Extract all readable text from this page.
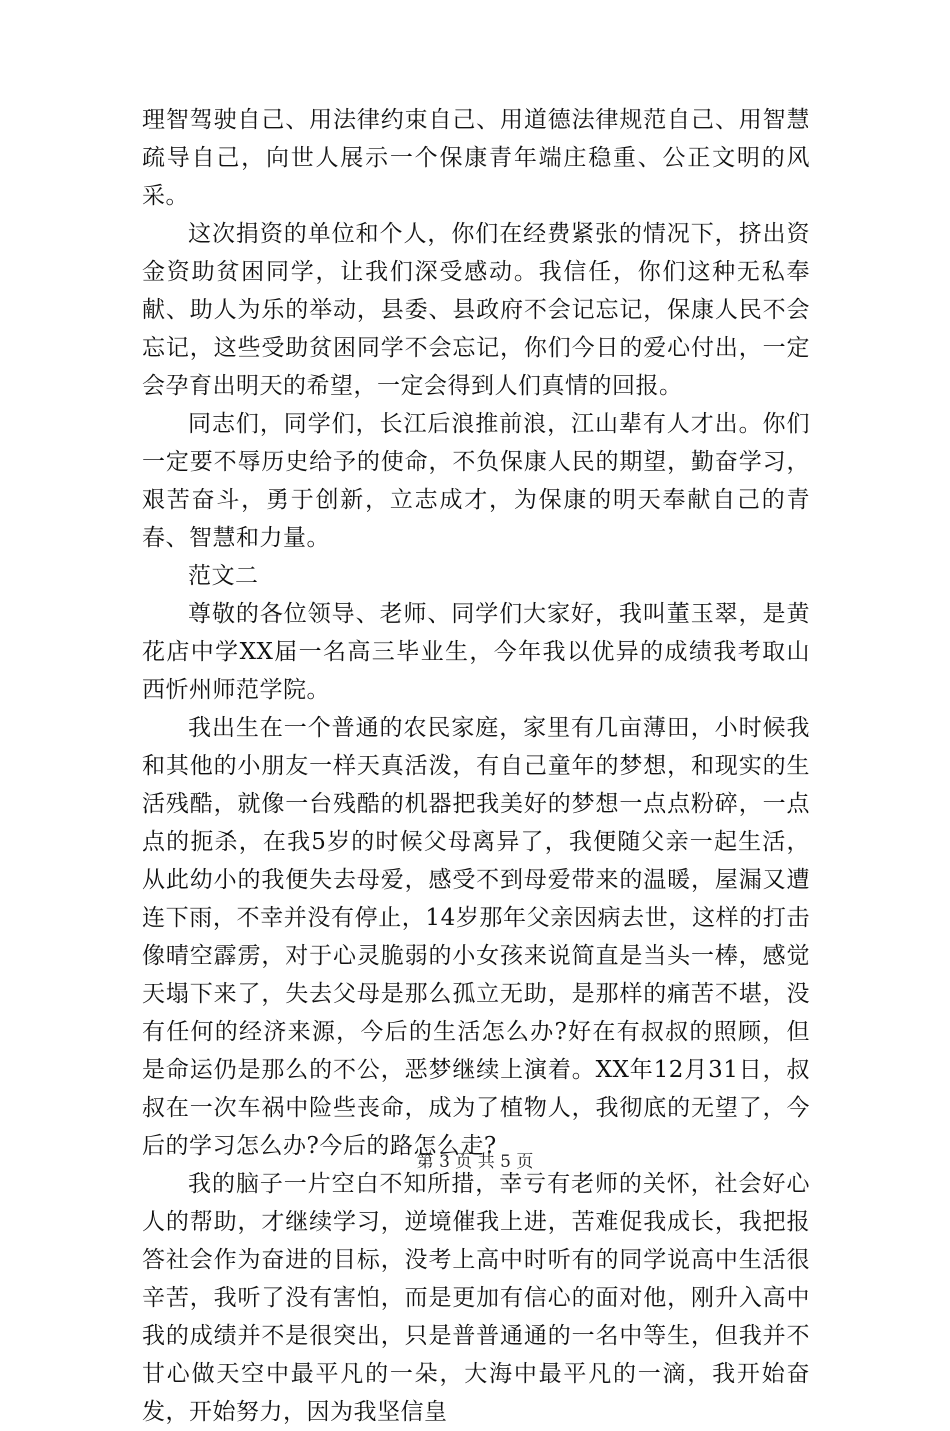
理智驾驶自己、用法律约束自己、用道德法律规范自己、用智慧疏导自己，向世人展示一个保康青年端庄稳重、公正文明的风采。

这次捐资的单位和个人，你们在经费紧张的情况下，挤出资金资助贫困同学，让我们深受感动。我信任，你们这种无私奉献、助人为乐的举动，县委、县政府不会记忘记，保康人民不会忘记，这些受助贫困同学不会忘记，你们今日的爱心付出，一定会孕育出明天的希望，一定会得到人们真情的回报。

同志们，同学们，长江后浪推前浪，江山辈有人才出。你们一定要不辱历史给予的使命，不负保康人民的期望，勤奋学习，艰苦奋斗，勇于创新，立志成才，为保康的明天奉献自己的青春、智慧和力量。

范文二

尊敬的各位领导、老师、同学们大家好，我叫董玉翠，是黄花店中学XX届一名高三毕业生，今年我以优异的成绩我考取山西忻州师范学院。

我出生在一个普通的农民家庭，家里有几亩薄田，小时候我和其他的小朋友一样天真活泼，有自己童年的梦想，和现实的生活残酷，就像一台残酷的机器把我美好的梦想一点点粉碎，一点点的扼杀，在我5岁的时候父母离异了，我便随父亲一起生活，从此幼小的我便失去母爱，感受不到母爱带来的温暖，屋漏又遭连下雨，不幸并没有停止，14岁那年父亲因病去世，这样的打击像晴空霹雳，对于心灵脆弱的小女孩来说简直是当头一棒，感觉天塌下来了，失去父母是那么孤立无助，是那样的痛苦不堪，没有任何的经济来源，今后的生活怎么办?好在有叔叔的照顾，但是命运仍是那么的不公，恶梦继续上演着。XX年12月31日，叔叔在一次车祸中险些丧命，成为了植物人，我彻底的无望了，今后的学习怎么办?今后的路怎么走?

我的脑子一片空白不知所措，幸亏有老师的关怀，社会好心人的帮助，才继续学习，逆境催我上进，苦难促我成长，我把报答社会作为奋进的目标，没考上高中时听有的同学说高中生活很辛苦，我听了没有害怕，而是更加有信心的面对他，刚升入高中我的成绩并不是很突出，只是普普通通的一名中等生，但我并不甘心做天空中最平凡的一朵，大海中最平凡的一滴，我开始奋发，开始努力，因为我坚信皇

第 3 页 共 5 页
